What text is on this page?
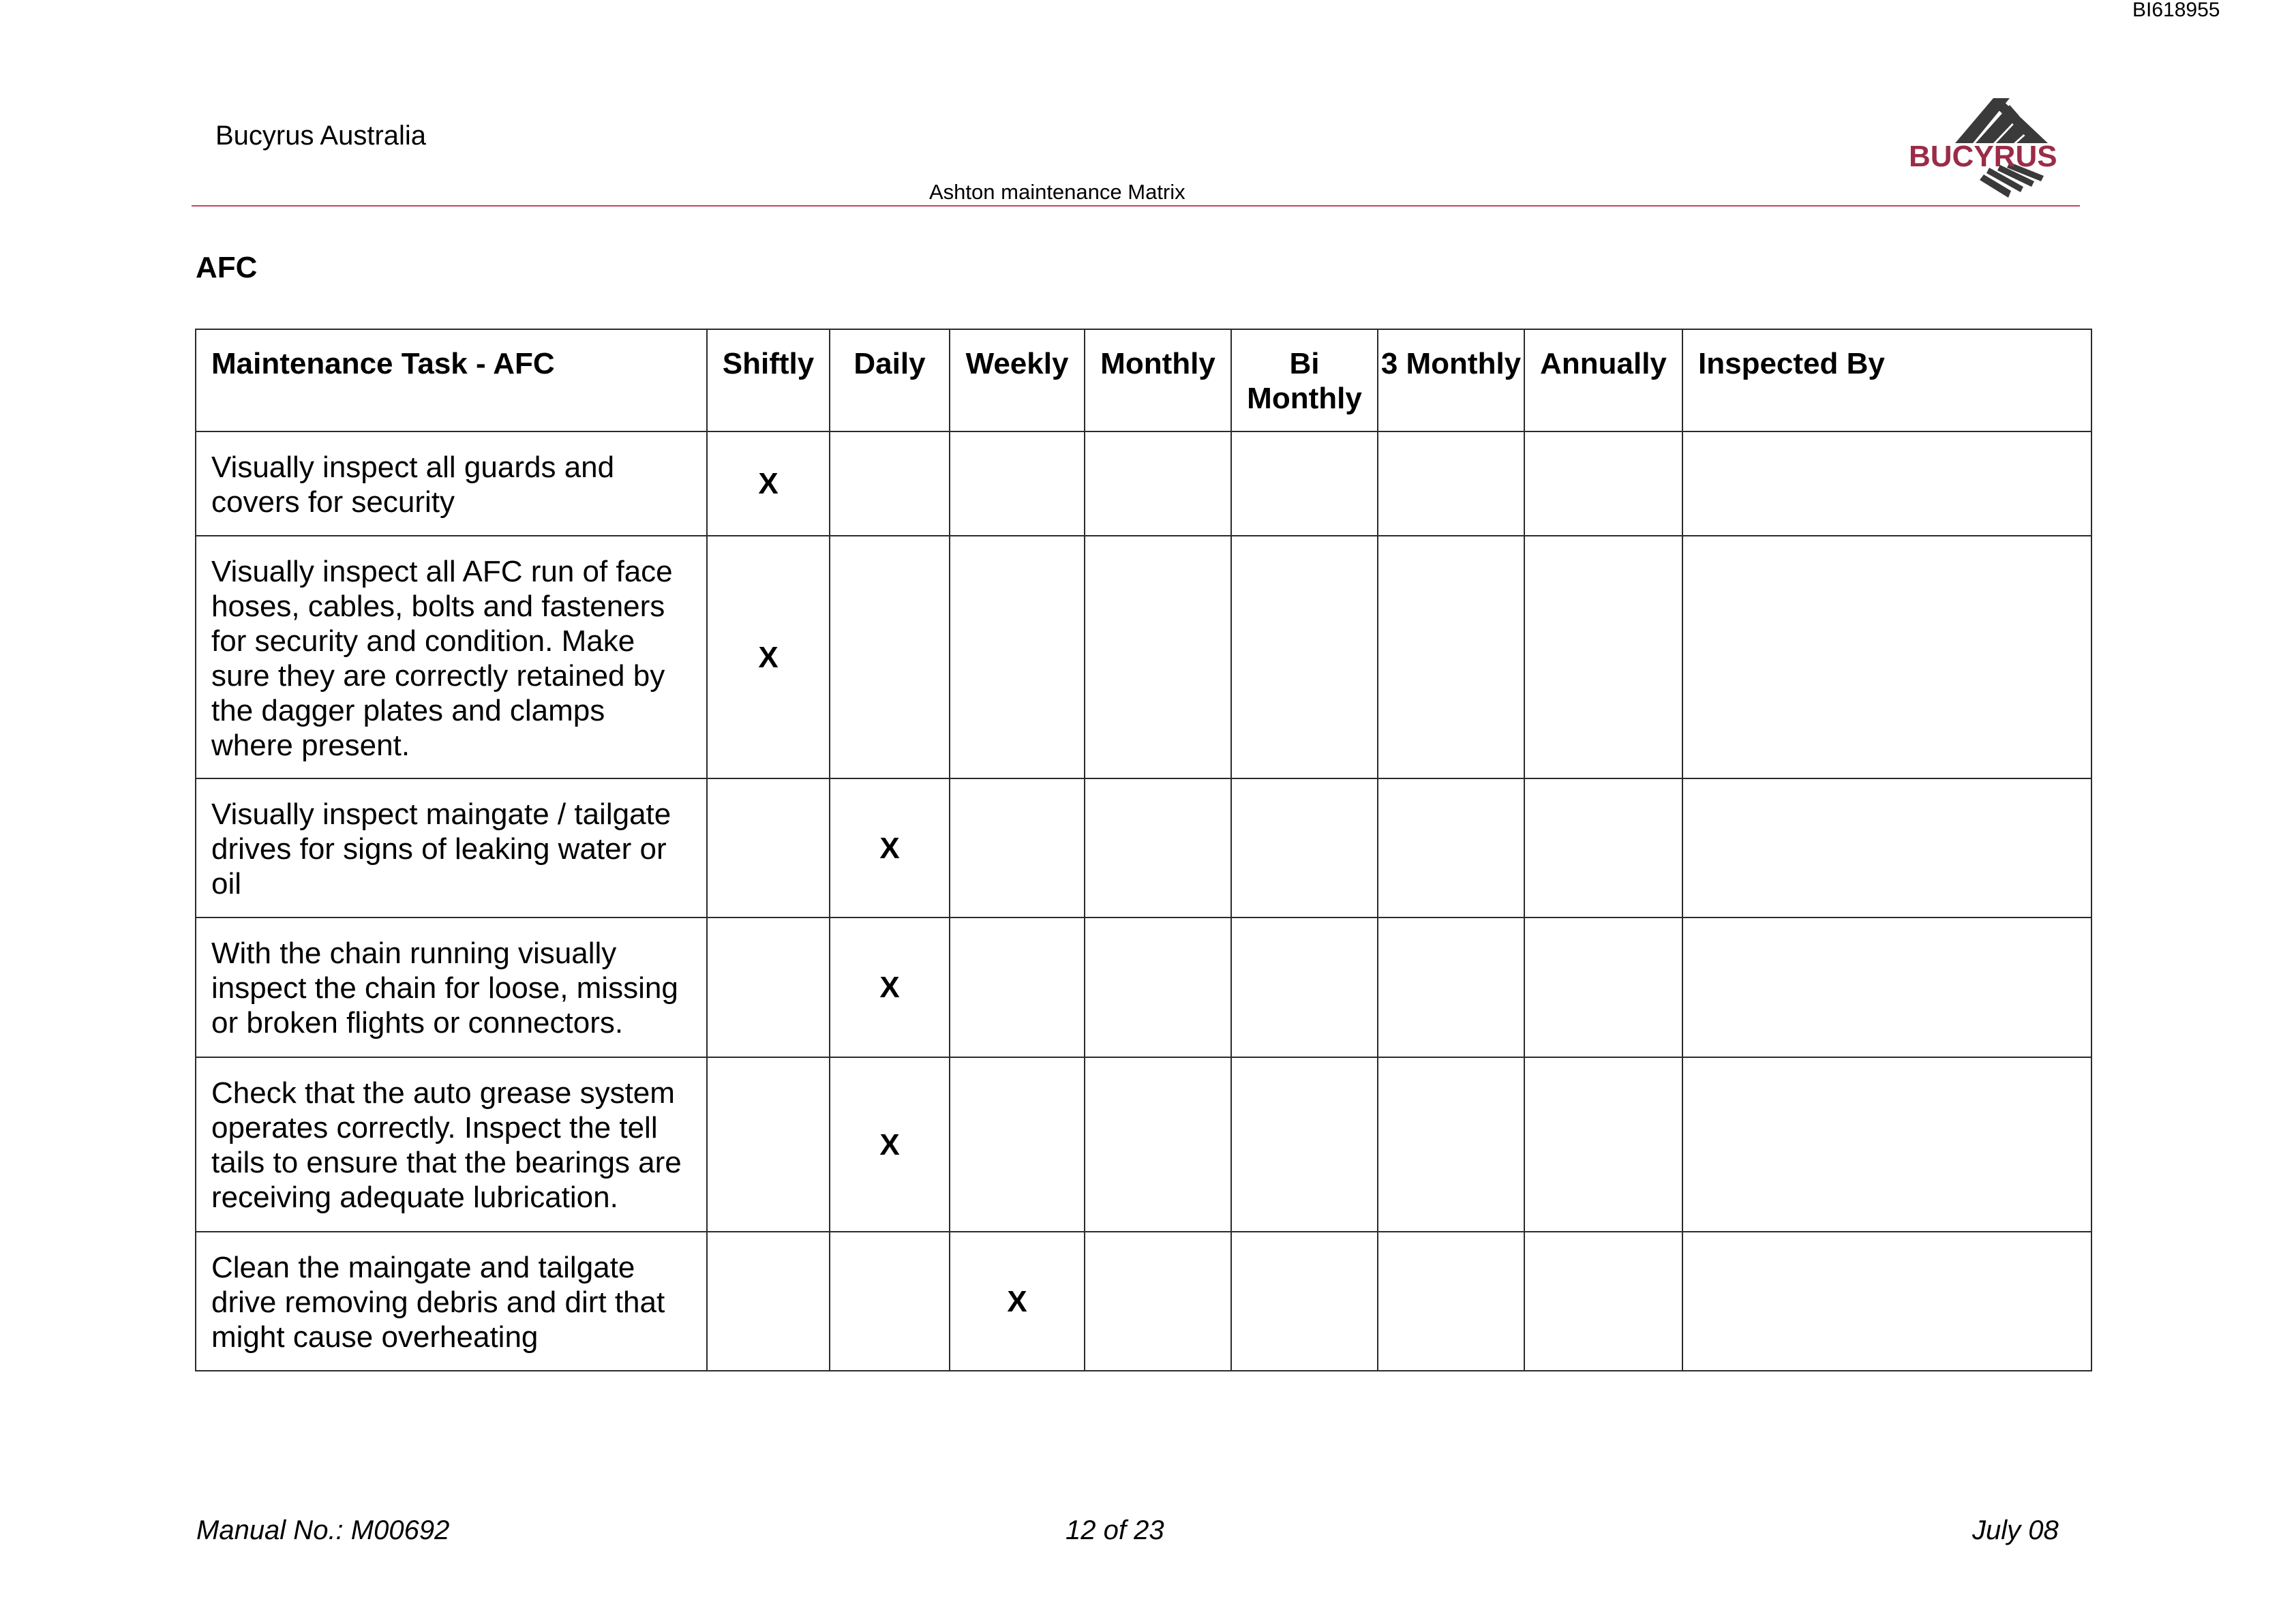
BI618955
Bucyrus Australia
Ashton maintenance Matrix
BUCYRUS
AFC
Maintenance Task - AFC	Shiftly	Daily	Weekly	Monthly	Bi Monthly	3 Monthly	Annually	Inspected By
Visually inspect all guards and covers for security	X							
Visually inspect all AFC run of face hoses, cables, bolts and fasteners for security and condition. Make sure they are correctly retained by the dagger plates and clamps where present.	X							
Visually inspect maingate / tailgate drives for signs of leaking water or oil		X						
With the chain running visually inspect the chain for loose, missing or broken flights or connectors.		X						
Check that the auto grease system operates correctly. Inspect the tell tails to ensure that the bearings are receiving adequate lubrication.		X						
Clean the maingate and tailgate drive removing debris and dirt that might cause overheating			X					
Manual No.: M00692	12 of 23	July 08
